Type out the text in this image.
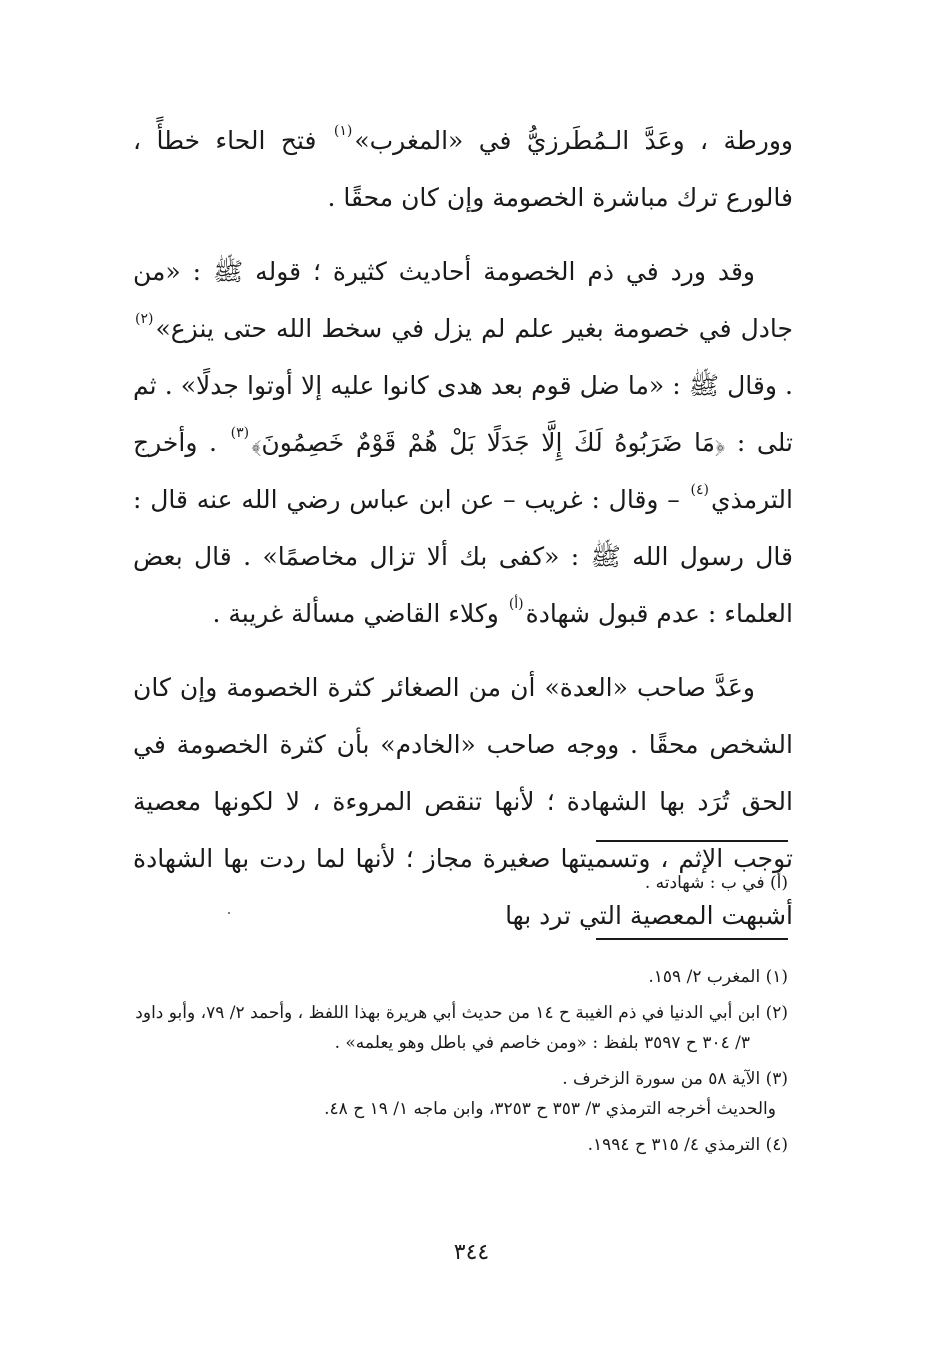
وورطة ، وعَدَّ الـمُطَرزيُّ في «المغرب»$^{(١)}$ فتح الحاء خطأً ، فالورع ترك مباشرة الخصومة وإن كان محقًا .

وقد ورد في ذم الخصومة أحاديث كثيرة ؛ قوله ﷺ : «من جادل في خصومة بغير علم لم يزل في سخط الله حتى ينزع»$^{(٢)}$ . وقال ﷺ : «ما ضل قوم بعد هدى كانوا عليه إلا أوتوا جدلًا» . ثم تلى : ﴿مَا ضَرَبُوهُ لَكَ إِلَّا جَدَلًا بَلْ هُمْ قَوْمٌ خَصِمُونَ﴾$^{(٣)}$ . وأخرج الترمذي$^{(٤)}$ – وقال : غريب – عن ابن عباس رضي الله عنه قال : قال رسول الله ﷺ : «كفى بك ألا تزال مخاصمًا» . قال بعض العلماء : عدم قبول شهادة$^{(أ)}$ وكلاء القاضي مسألة غريبة .

وعَدَّ صاحب «العدة» أن من الصغائر كثرة الخصومة وإن كان الشخص محقًا . ووجه صاحب «الخادم» بأن كثرة الخصومة في الحق تُرَد بها الشهادة ؛ لأنها تنقص المروءة ، لا لكونها معصية توجب الإثم ، وتسميتها صغيرة مجاز ؛ لأنها لما ردت بها الشهادة أشبهت المعصية التي ترد بها

(أ) في ب : شهادته .
(١) المغرب ٢/ ١٥٩.
(٢) ابن أبي الدنيا في ذم الغيبة ح ١٤ من حديث أبي هريرة بهذا اللفظ ، وأحمد ٢/ ٧٩، وأبو داود
٣/ ٣٠٤ ح ٣٥٩٧ بلفظ : «ومن خاصم في باطل وهو يعلمه» .
(٣) الآية ٥٨ من سورة الزخرف .
والحديث أخرجه الترمذي ٣/ ٣٥٣ ح ٣٢٥٣، وابن ماجه ١/ ١٩ ح ٤٨.
(٤) الترمذي ٤/ ٣١٥ ح ١٩٩٤.
٣٤٤
